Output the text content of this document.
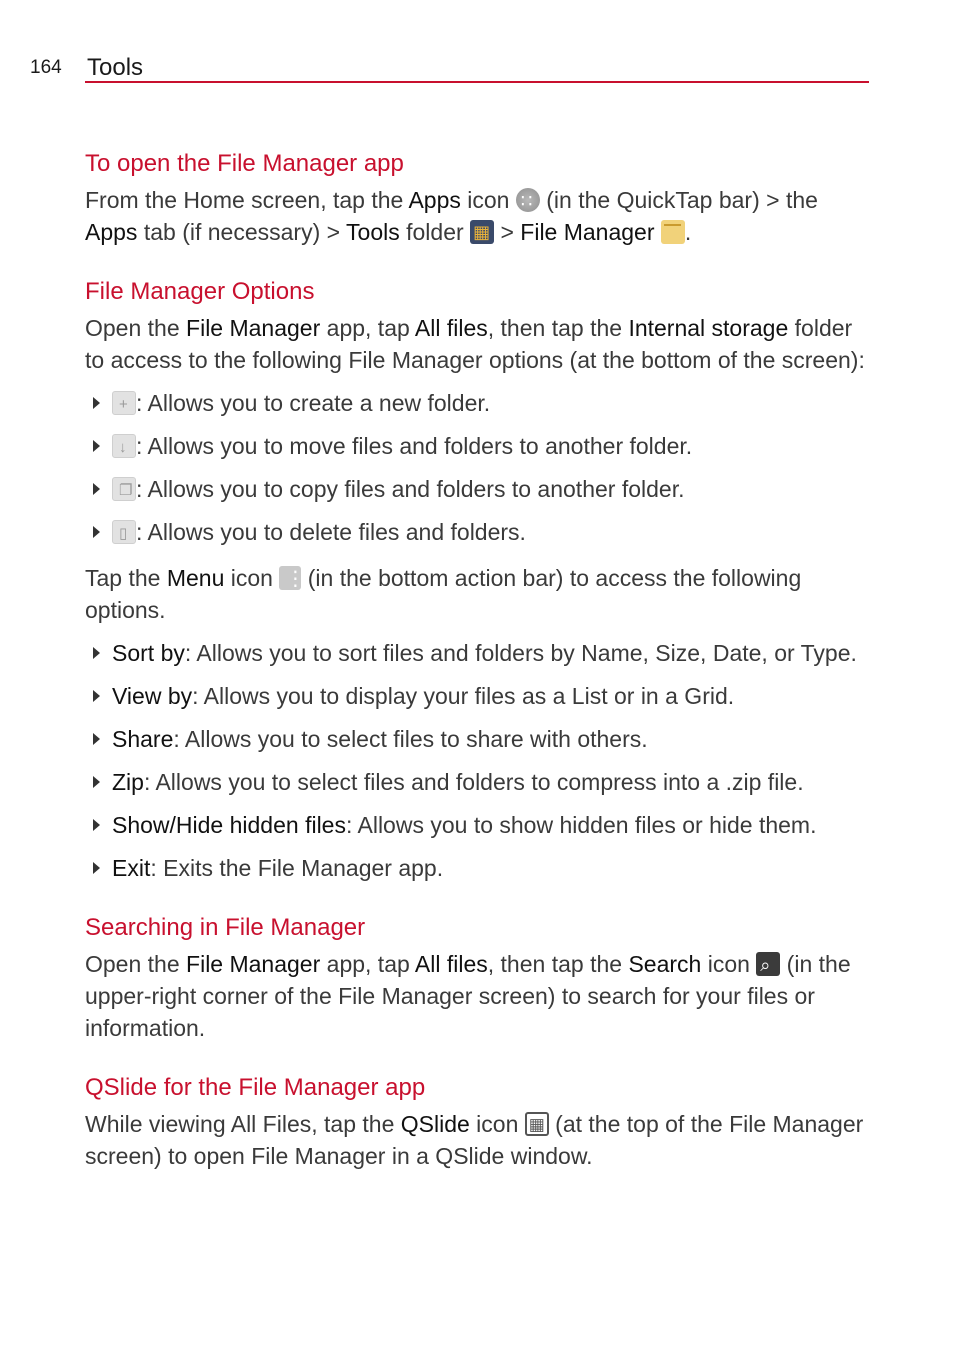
164 Tools
To open the File Manager app

From the Home screen, tap the Apps icon ∷ (in the QuickTap bar) > the Apps tab (if necessary) > Tools folder ▦ > File Manager .

File Manager Options

Open the File Manager app, tap All files, then tap the Internal storage folder to access to the following File Manager options (at the bottom of the screen):

+: Allows you to create a new folder.
↓: Allows you to move files and folders to another folder.
❐: Allows you to copy files and folders to another folder.
▯: Allows you to delete files and folders.

Tap the Menu icon ⋮ (in the bottom action bar) to access the following options.

Sort by: Allows you to sort files and folders by Name, Size, Date, or Type.
View by: Allows you to display your files as a List or in a Grid.
Share: Allows you to select files to share with others.
Zip: Allows you to select files and folders to compress into a .zip file.
Show/Hide hidden files: Allows you to show hidden files or hide them.
Exit: Exits the File Manager app.
Searching in File Manager

Open the File Manager app, tap All files, then tap the Search icon ⌕ (in the upper-right corner of the File Manager screen) to search for your files or information.

QSlide for the File Manager app

While viewing All Files, tap the QSlide icon ▦ (at the top of the File Manager screen) to open File Manager in a QSlide window.
